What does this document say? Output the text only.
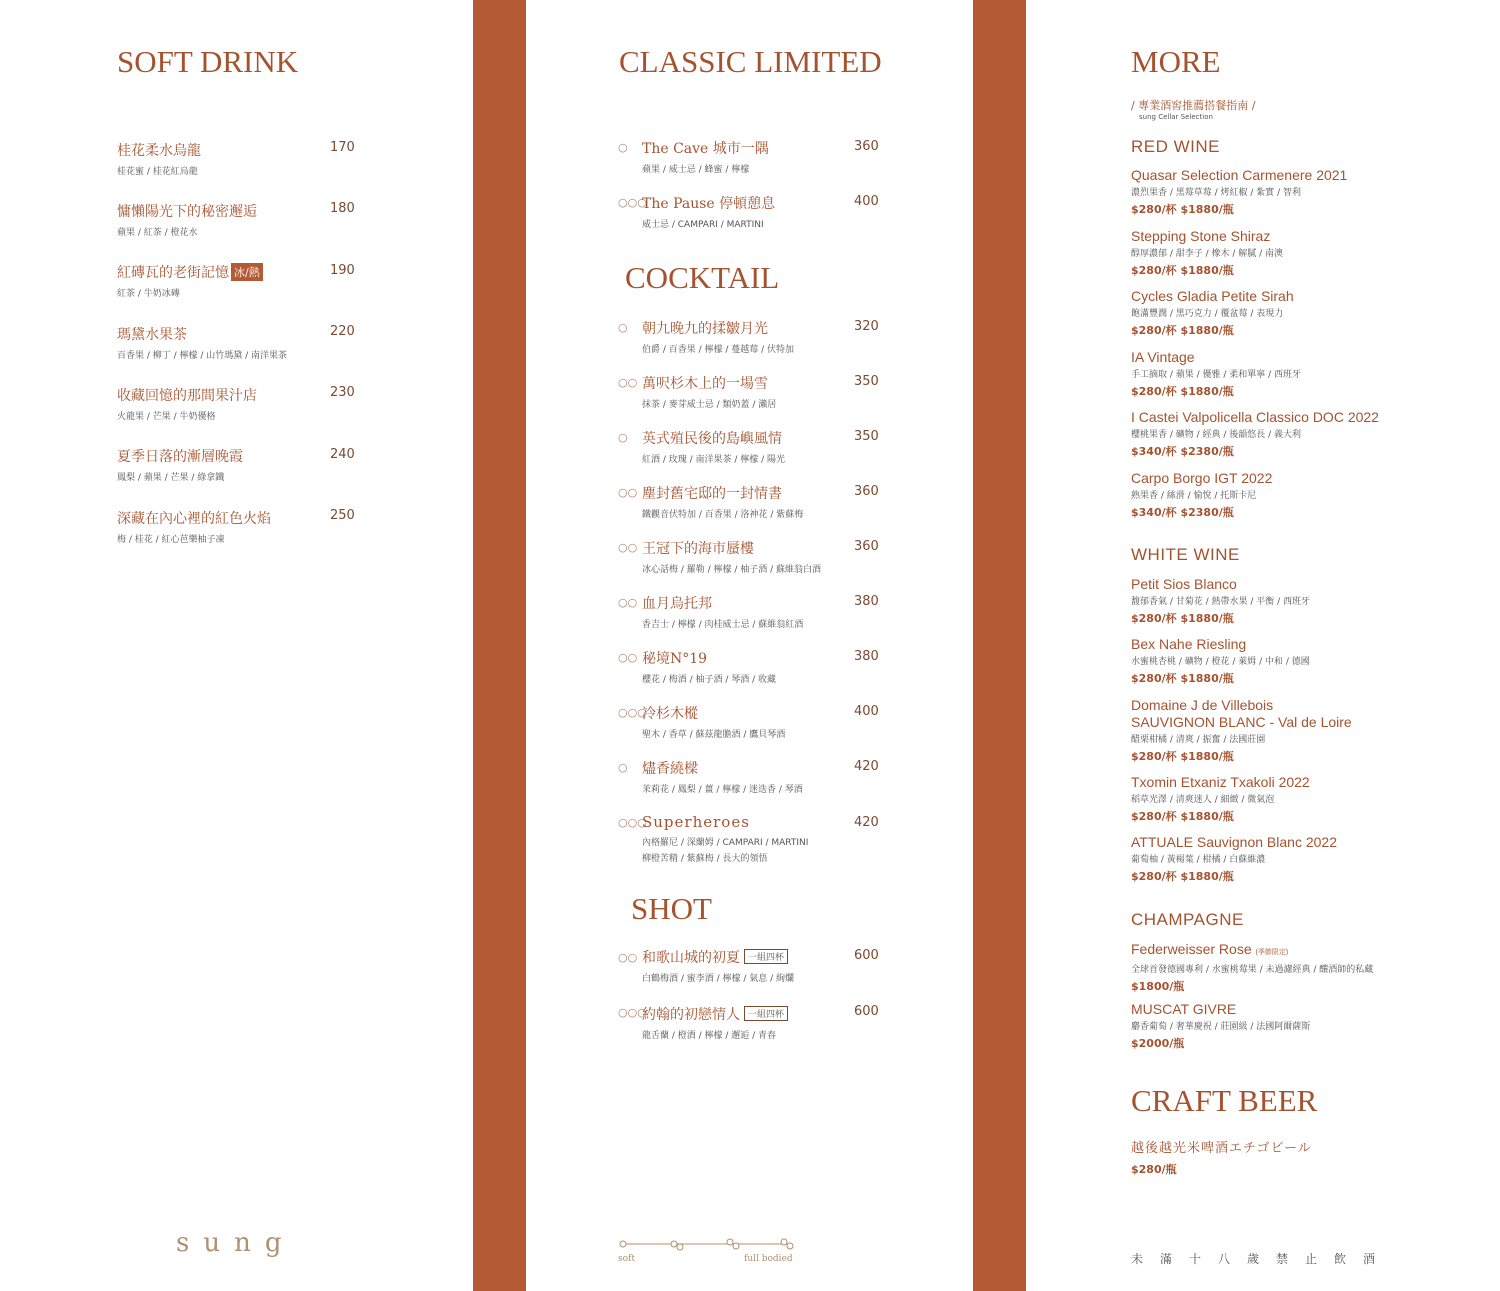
SOFT DRINK
桂花柔水烏龍
桂花蜜 / 桂花紅烏龍
170
慵懶陽光下的秘密邂逅
蘋果 / 紅茶 / 橙花水
180
紅磚瓦的老街記憶 冰/熱
紅茶 / 牛奶冰磚
190
瑪黛水果茶
百香果 / 柳丁 / 檸檬 / 山竹瑪黛 / 南洋果茶
220
收藏回憶的那間果汁店
火龍果 / 芒果 / 牛奶優格
230
夏季日落的漸層晚霞
鳳梨 / 蘋果 / 芒果 / 綠拿鐵
240
深藏在內心裡的紅色火焰
梅 / 桂花 / 紅心芭樂柚子凍
250
sung
CLASSIC LIMITED
○ The Cave 城市一隅
蘋果 / 威士忌 / 蜂蜜 / 檸檬
360
○○○
The Pause 停頓憩息
威士忌 / CAMPARI / MARTINI
400
COCKTAIL
○ 朝九晚九的揉皺月光
伯爵 / 百香果 / 檸檬 / 蔓越莓 / 伏特加
320
○○ 萬呎杉木上的一場雪
抹茶 / 麥芽威士忌 / 類奶蓋 / 瀨居
350
○ 英式殖民後的島嶼風情
紅酒 / 玫瑰 / 南洋果茶 / 檸檬 / 陽光
350
○○ 塵封舊宅邸的一封情書
鐵觀音伏特加 / 百香果 / 洛神花 / 紫蘇梅
360
○○ 王冠下的海市蜃樓
冰心話梅 / 羅勒 / 檸檬 / 柚子酒 / 蘇維翁白酒
360
○○ 血月烏托邦
香吉士 / 檸檬 / 肉桂威士忌 / 蘇維翁紅酒
380
○○ 秘境N°19
櫻花 / 梅酒 / 柚子酒 / 琴酒 / 收藏
380
○○○
冷杉木樅
聖木 / 香草 / 蘇茲龍膽酒 / 鷹貝琴酒
400
○ 燼香繞樑
茉莉花 / 鳳梨 / 薑 / 檸檬 / 迷迭香 / 琴酒
420
○○○
Superheroes
內格羅尼 / 深蘭姆 / CAMPARI / MARTINI
柳橙苦精 / 紫蘇梅 / 長大的領悟
420
SHOT
○○ 和歌山城的初夏 一組四杯
白鶴梅酒 / 蜜李酒 / 檸檬 / 氣息 / 絢爛
600
○○○
約翰的初戀情人 一組四杯
龍舌蘭 / 橙酒 / 檸檬 / 邂逅 / 青春
600
soft	full bodied
MORE
/ 專業酒窖推薦搭餐指南 /
sung Cellar Selection
RED WINE
Quasar Selection Carmenere 2021
濃烈果香 / 黑莓草莓 / 烤紅椒 / 紮實 / 智利
$280/杯 $1880/瓶
Stepping Stone Shiraz
醇厚濃郁 / 甜李子 / 橡木 / 解膩 / 南澳
$280/杯 $1880/瓶
Cycles Gladia Petite Sirah
飽滿豐潤 / 黑巧克力 / 覆盆莓 / 表現力
$280/杯 $1880/瓶
IA Vintage
手工摘取 / 蘋果 / 優雅 / 柔和單寧 / 西班牙
$280/杯 $1880/瓶
I Castei Valpolicella Classico DOC 2022
櫻桃果香 / 礦物 / 經典 / 後韻悠長 / 義大利
$340/杯 $2380/瓶
Carpo Borgo IGT 2022
熟果香 / 絲滑 / 愉悅 / 托斯卡尼
$340/杯 $2380/瓶
WHITE WINE
Petit Sios Blanco
馥郁香氣 / 甘菊花 / 熱帶水果 / 平衡 / 西班牙
$280/杯 $1880/瓶
Bex Nahe Riesling
水蜜桃杏桃 / 礦物 / 橙花 / 萊姆 / 中和 / 德國
$280/杯 $1880/瓶
Domaine J de Villebois
SAUVIGNON BLANC - Val de Loire
醋栗柑橘 / 清爽 / 振奮 / 法國莊園
$280/杯 $1880/瓶
Txomin Etxaniz Txakoli 2022
稻草光澤 / 清爽迷人 / 細緻 / 微氣泡
$280/杯 $1880/瓶
ATTUALE Sauvignon Blanc 2022
葡萄柚 / 黃楊葉 / 柑橘 / 白蘇維濃
$280/杯 $1880/瓶
CHAMPAGNE
Federweisser Rose (季節限定)
全球首發德國專利 / 水蜜桃莓果 / 未過濾經典 / 釀酒師的私藏
$1800/瓶
MUSCAT GIVRE
麝香葡萄 / 奢華慶祝 / 莊園級 / 法國阿爾薩斯
$2000/瓶
CRAFT BEER
越後越光米啤酒エチゴビール
$280/瓶
未滿十八歲禁止飲酒
